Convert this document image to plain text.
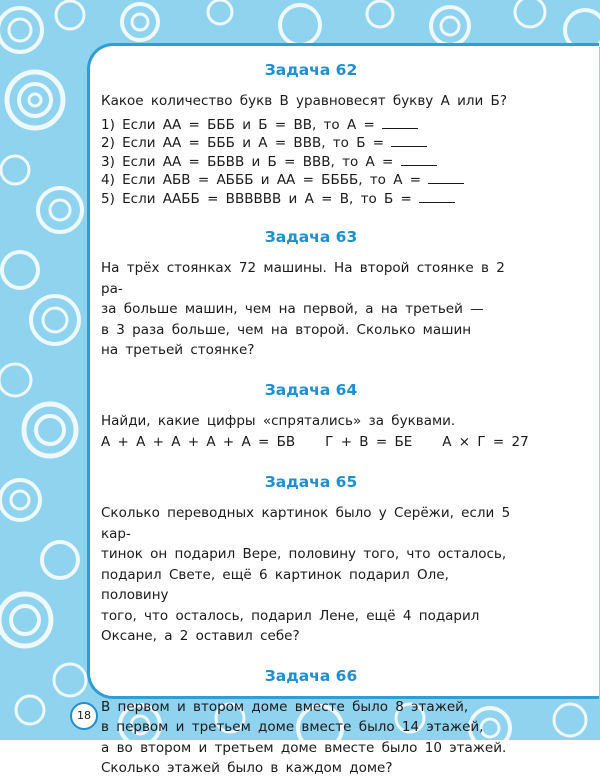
Задача 62
Какое количество букв В уравновесят букву А или Б?
1) Если АА = БББ и Б = ВВ, то А =
2) Если АА = БББ и А = ВВВ, то Б =
3) Если АА = ББВВ и Б = ВВВ, то А =
4) Если АБВ = АБББ и АА = ББББ, то А =
5) Если ААББ = ВВВВВВ и А = В, то Б =
Задача 63
На трёх стоянках 72 машины. На второй стоянке в 2 ра-
за больше машин, чем на первой, а на третьей —
в 3 раза больше, чем на второй. Сколько машин
на третьей стоянке?
Задача 64
Найди, какие цифры «спрятались» за буквами.
А + А + А + А + А = БВ Г + В = БЕ А × Г = 27
Задача 65
Сколько переводных картинок было у Серёжи, если 5 кар-
тинок он подарил Вере, половину того, что осталось,
подарил Свете, ещё 6 картинок подарил Оле, половину
того, что осталось, подарил Лене, ещё 4 подарил
Оксане, а 2 оставил себе?
Задача 66
В первом и втором доме вместе было 8 этажей,
в первом и третьем доме вместе было 14 этажей,
а во втором и третьем доме вместе было 10 этажей.
Сколько этажей было в каждом доме?
18
